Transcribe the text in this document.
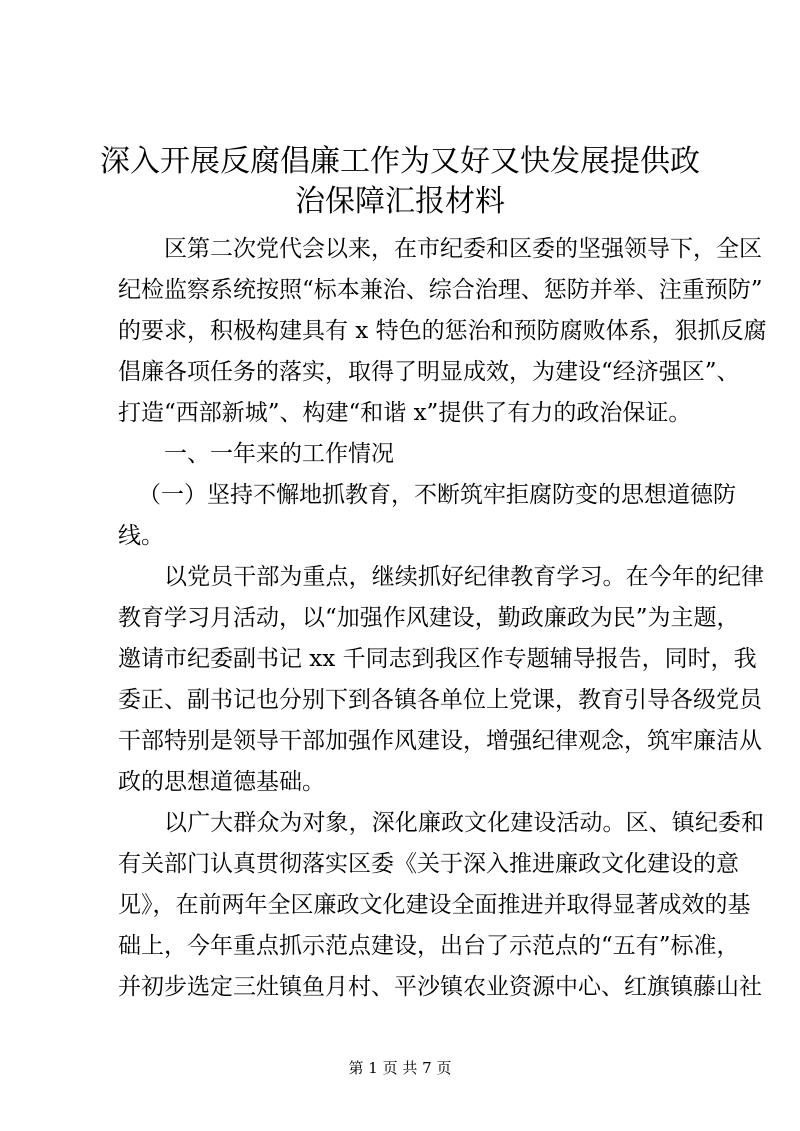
深入开展反腐倡廉工作为又好又快发展提供政
治保障汇报材料
区第二次党代会以来，在市纪委和区委的坚强领导下，全区
纪检监察系统按照“标本兼治、综合治理、惩防并举、注重预防”
的要求，积极构建具有 x 特色的惩治和预防腐败体系，狠抓反腐
倡廉各项任务的落实，取得了明显成效，为建设“经济强区”、
打造“西部新城”、构建“和谐 x”提供了有力的政治保证。
一、一年来的工作情况
（一）坚持不懈地抓教育，不断筑牢拒腐防变的思想道德防
线。
以党员干部为重点，继续抓好纪律教育学习。在今年的纪律
教育学习月活动，以“加强作风建设，勤政廉政为民”为主题，
邀请市纪委副书记 xx 千同志到我区作专题辅导报告，同时，我
委正、副书记也分别下到各镇各单位上党课，教育引导各级党员
干部特别是领导干部加强作风建设，增强纪律观念，筑牢廉洁从
政的思想道德基础。
以广大群众为对象，深化廉政文化建设活动。区、镇纪委和
有关部门认真贯彻落实区委《关于深入推进廉政文化建设的意
见》，在前两年全区廉政文化建设全面推进并取得显著成效的基
础上，今年重点抓示范点建设，出台了示范点的“五有”标准，
并初步选定三灶镇鱼月村、平沙镇农业资源中心、红旗镇藤山社
第 1 页 共 7 页
